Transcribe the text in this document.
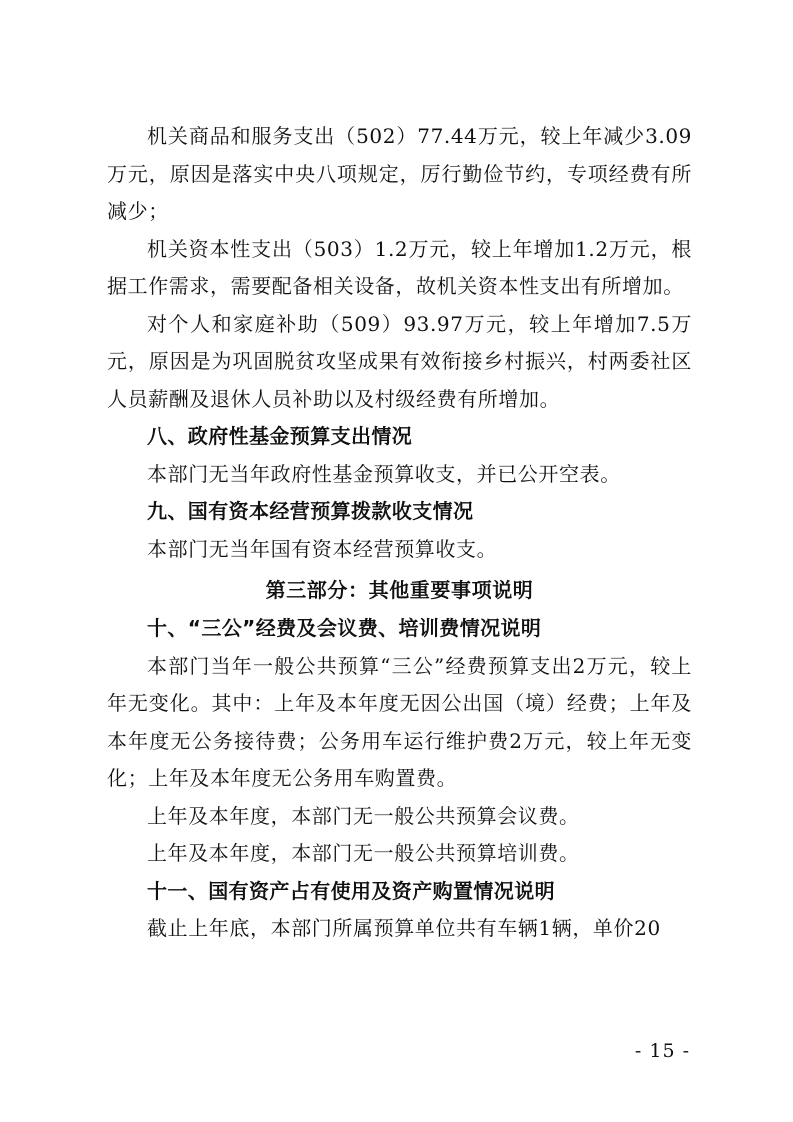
机关商品和服务支出（502）77.44万元，较上年减少3.09万元，原因是落实中央八项规定，厉行勤俭节约，专项经费有所减少；

机关资本性支出（503）1.2万元，较上年增加1.2万元，根据工作需求，需要配备相关设备，故机关资本性支出有所增加。

对个人和家庭补助（509）93.97万元，较上年增加7.5万元，原因是为巩固脱贫攻坚成果有效衔接乡村振兴，村两委社区人员薪酬及退休人员补助以及村级经费有所增加。

八、政府性基金预算支出情况

本部门无当年政府性基金预算收支，并已公开空表。

九、国有资本经营预算拨款收支情况

本部门无当年国有资本经营预算收支。

第三部分：其他重要事项说明

十、“三公”经费及会议费、培训费情况说明

本部门当年一般公共预算“三公”经费预算支出2万元，较上年无变化。其中：上年及本年度无因公出国（境）经费；上年及本年度无公务接待费；公务用车运行维护费2万元，较上年无变化；上年及本年度无公务用车购置费。

上年及本年度，本部门无一般公共预算会议费。

上年及本年度，本部门无一般公共预算培训费。

十一、国有资产占有使用及资产购置情况说明

截止上年底，本部门所属预算单位共有车辆1辆，单价20

- 15 -
